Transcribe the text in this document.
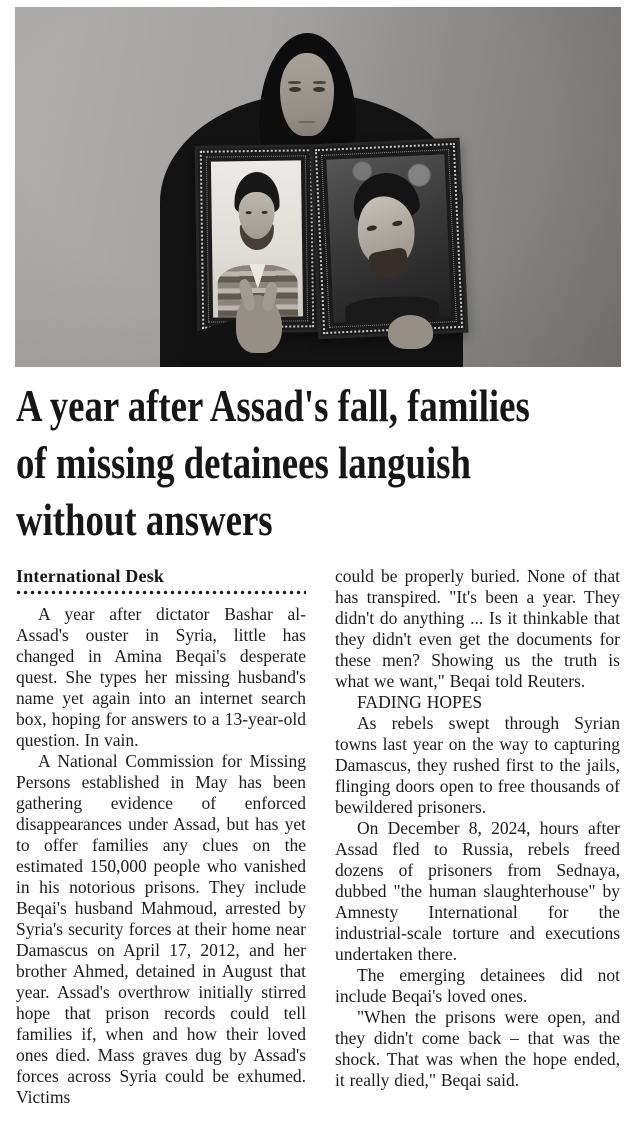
A year after Assad's fall, families
of missing detainees languish
without answers
International Desk

A year after dictator Bashar al-Assad's ouster in Syria, little has changed in Amina Beqai's desperate quest. She types her missing husband's name yet again into an internet search box, hoping for answers to a 13-year-old question. In vain.

A National Commission for Missing Persons established in May has been gathering evidence of enforced disappearances under Assad, but has yet to offer families any clues on the estimated 150,000 people who vanished in his notorious prisons. They include Beqai's husband Mahmoud, arrested by Syria's security forces at their home near Damascus on April 17, 2012, and her brother Ahmed, detained in August that year. Assad's overthrow initially stirred hope that prison records could tell families if, when and how their loved ones died. Mass graves dug by Assad's forces across Syria could be exhumed. Victims

could be properly buried. None of that has transpired. "It's been a year. They didn't do anything ... Is it thinkable that they didn't even get the documents for these men? Showing us the truth is what we want," Beqai told Reuters.

FADING HOPES

As rebels swept through Syrian towns last year on the way to capturing Damascus, they rushed first to the jails, flinging doors open to free thousands of bewildered prisoners.

On December 8, 2024, hours after Assad fled to Russia, rebels freed dozens of prisoners from Sednaya, dubbed "the human slaughterhouse" by Amnesty International for the industrial-scale torture and executions undertaken there.

The emerging detainees did not include Beqai's loved ones.

"When the prisons were open, and they didn't come back – that was the shock. That was when the hope ended, it really died," Beqai said.
